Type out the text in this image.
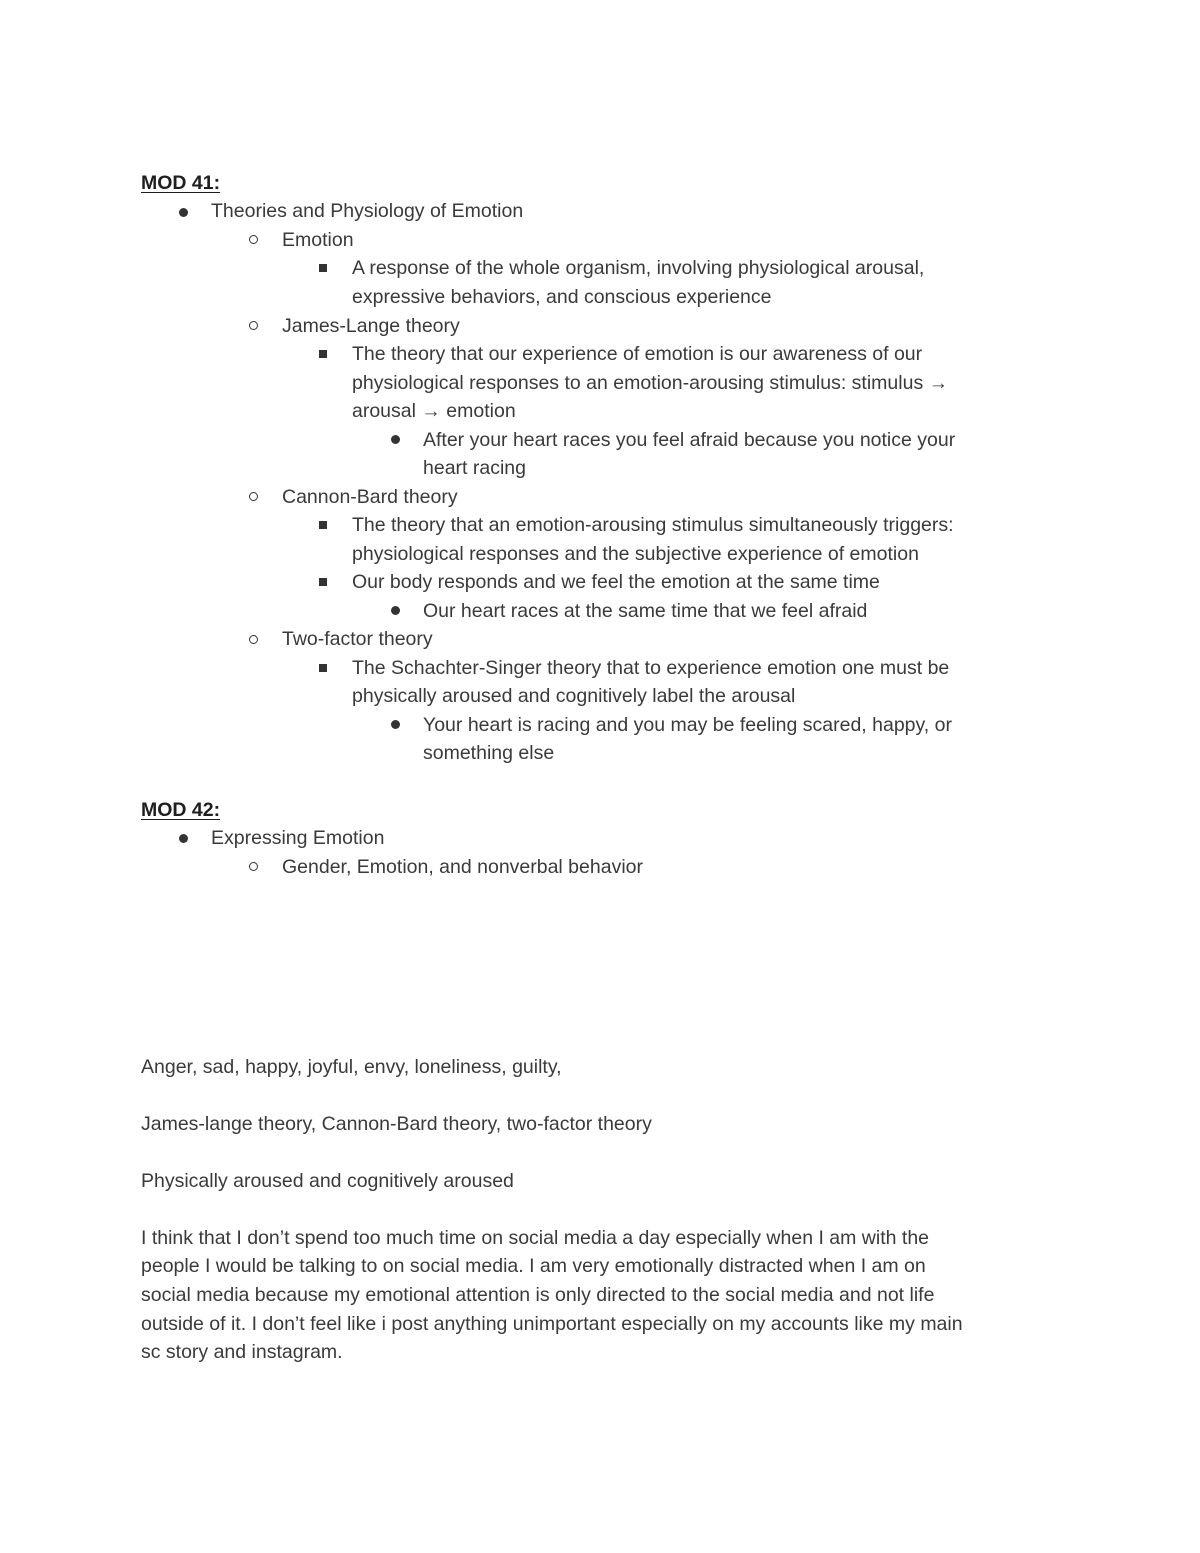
MOD 41:
Theories and Physiology of Emotion
Emotion
A response of the whole organism, involving physiological arousal,
expressive behaviors, and conscious experience
James-Lange theory
The theory that our experience of emotion is our awareness of our
physiological responses to an emotion-arousing stimulus: stimulus →
arousal → emotion
After your heart races you feel afraid because you notice your
heart racing
Cannon-Bard theory
The theory that an emotion-arousing stimulus simultaneously triggers:
physiological responses and the subjective experience of emotion
Our body responds and we feel the emotion at the same time
Our heart races at the same time that we feel afraid
Two-factor theory
The Schachter-Singer theory that to experience emotion one must be
physically aroused and cognitively label the arousal
Your heart is racing and you may be feeling scared, happy, or
something else
MOD 42:
Expressing Emotion
Gender, Emotion, and nonverbal behavior
Anger, sad, happy, joyful, envy, loneliness, guilty,
James-lange theory, Cannon-Bard theory, two-factor theory
Physically aroused and cognitively aroused
I think that I don’t spend too much time on social media a day especially when I am with the
people I would be talking to on social media. I am very emotionally distracted when I am on
social media because my emotional attention is only directed to the social media and not life
outside of it. I don’t feel like i post anything unimportant especially on my accounts like my main
sc story and instagram.
